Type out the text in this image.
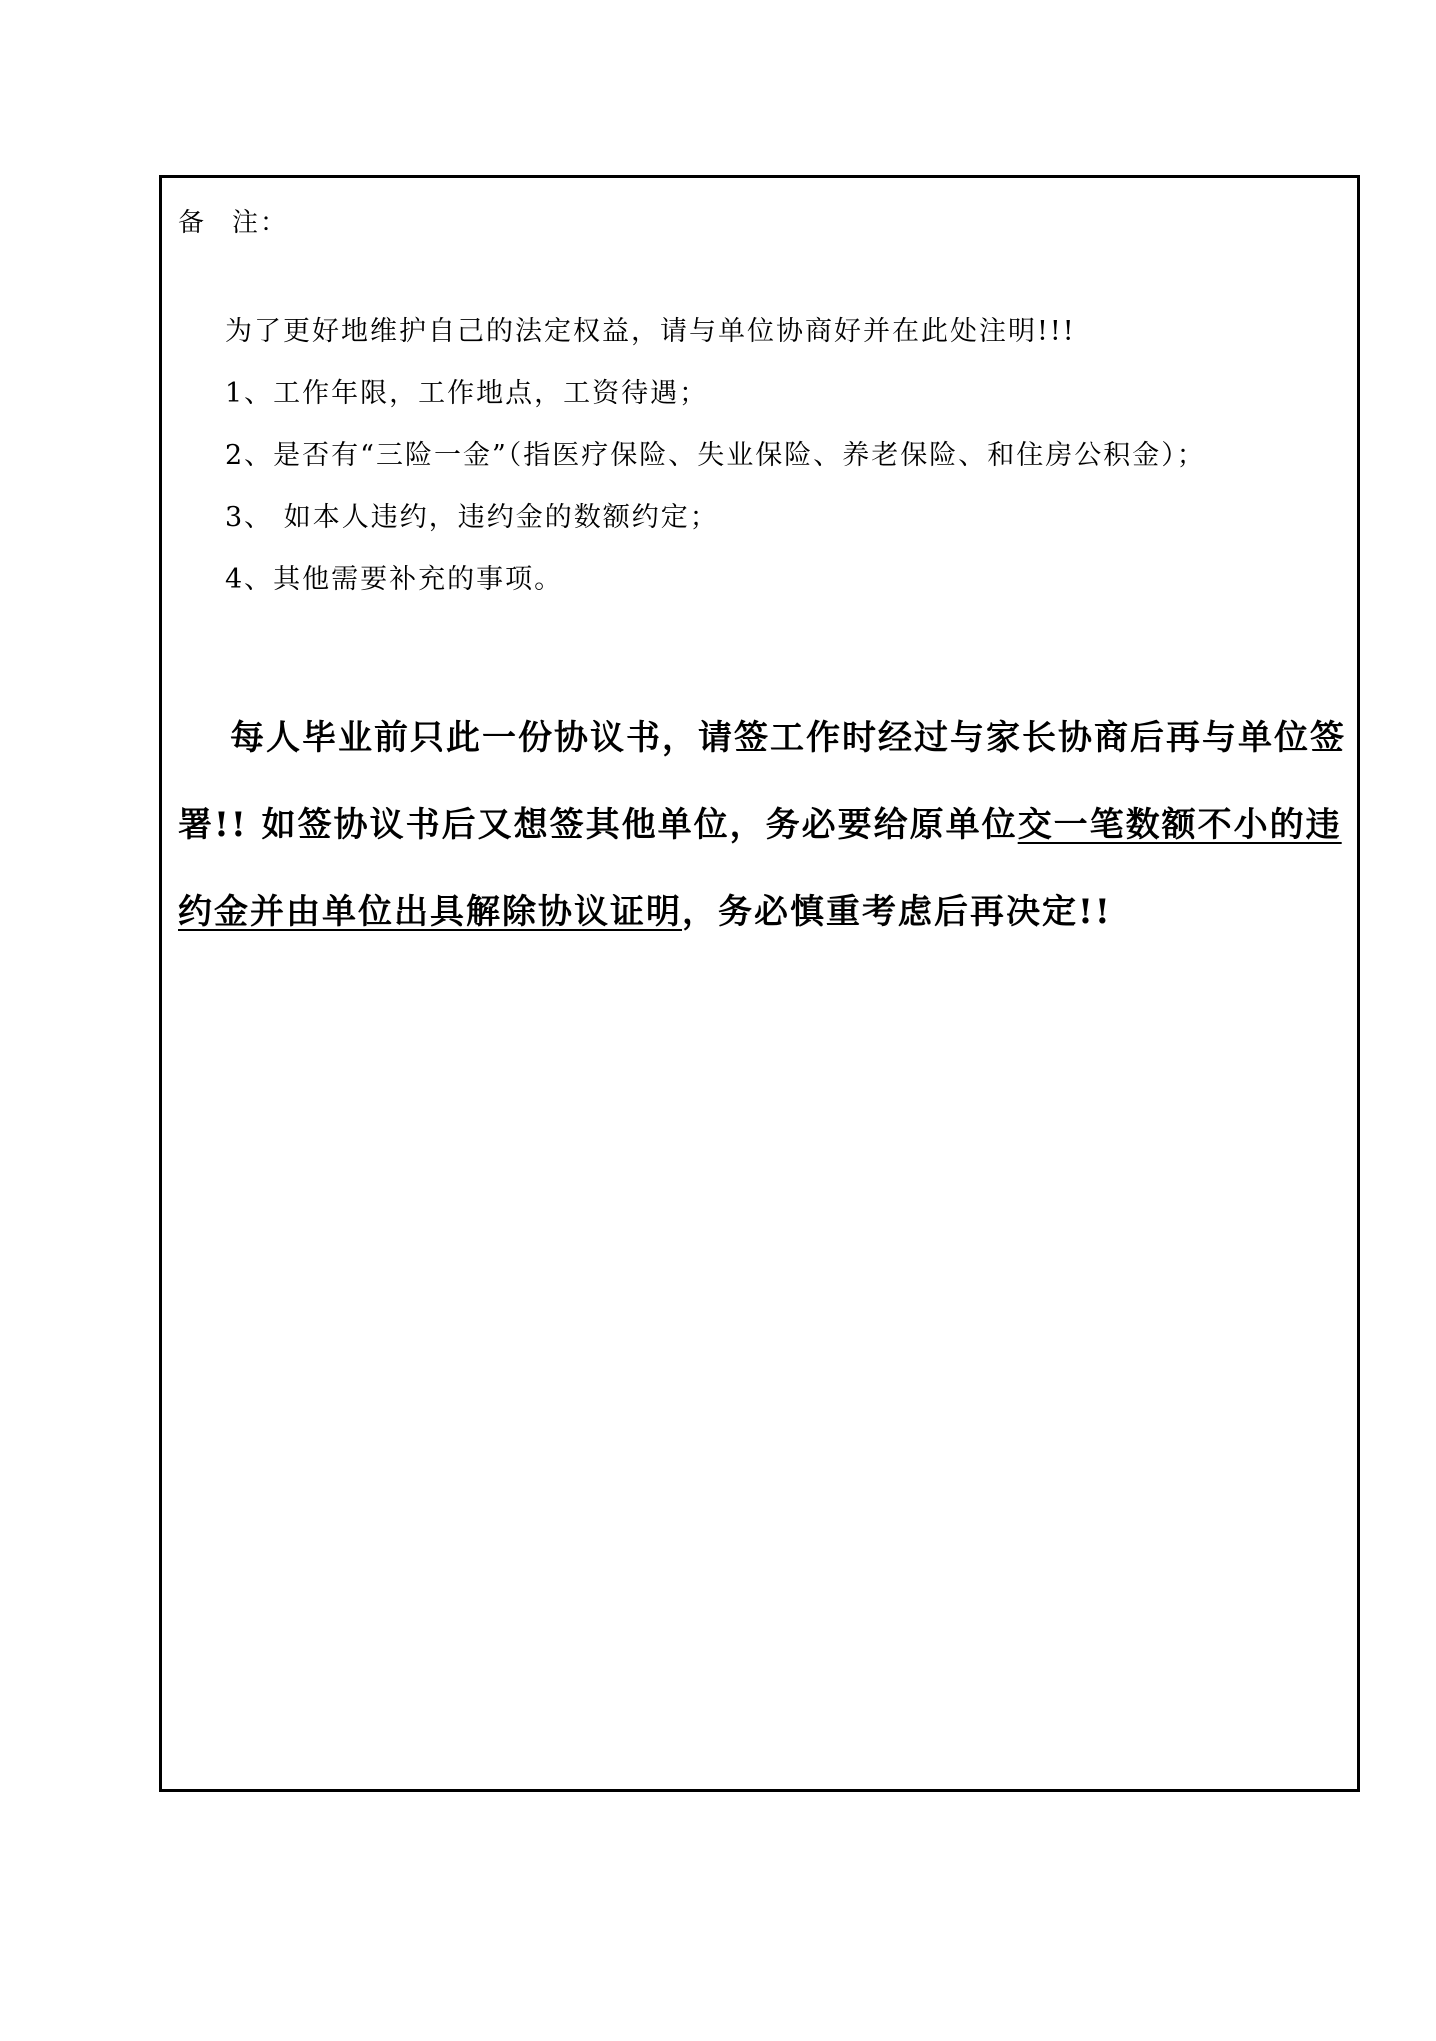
备 注：
为了更好地维护自己的法定权益，请与单位协商好并在此处注明!!!
1、工作年限，工作地点，工资待遇；
2、是否有“三险一金”（指医疗保险、失业保险、养老保险、和住房公积金）；
3、 如本人违约，违约金的数额约定；
4、其他需要补充的事项。
每人毕业前只此一份协议书，请签工作时经过与家长协商后再与单位签署!! 如签协议书后又想签其他单位，务必要给原单位交一笔数额不小的违约金并由单位出具解除协议证明，务必慎重考虑后再决定!!
